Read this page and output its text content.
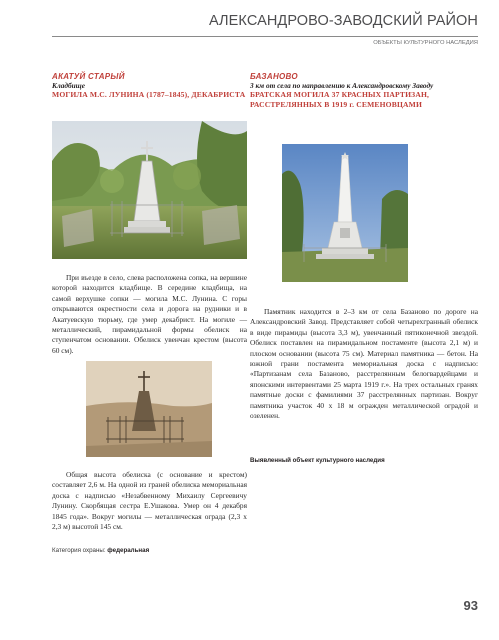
АЛЕКСАНДРОВО-ЗАВОДСКИЙ РАЙОН
ОБЪЕКТЫ КУЛЬТУРНОГО НАСЛЕДИЯ
АКАТУЙ СТАРЫЙ
Кладбище
МОГИЛА М.С. ЛУНИНА (1787–1845), ДЕКАБРИСТА
При въезде в село, слева расположена сопка, на вершине которой находится кладбище. В середине кладбища, на самой верхушке сопки — могила М.С. Лунина. С горы открываются окрестности села и дорога на рудники и в Акатуевскую тюрьму, где умер декабрист. На могиле — металлический, пирамидальной формы обелиск на ступенчатом основании. Обелиск увенчан крестом (высота 60 см).
Общая высота обелиска (с основание и крестом) составляет 2,6 м. На одной из граней обелиска мемориальная доска с надписью «Незабвенному Михаилу Сергеевичу Лунину. Скорбящая сестра Е.Ушакова. Умер он 4 декабря 1845 года». Вокруг могилы — металлическая ограда (2,3 х 2,3 м) высотой 145 см.
БАЗАНОВО
3 км от села по направлению к Александровскому Заводу
БРАТСКАЯ МОГИЛА 37 КРАСНЫХ ПАРТИЗАН, РАССТРЕЛЯННЫХ В 1919 г. СЕМЕНОВЦАМИ
Памятник находится в 2–3 км от села Базаново по дороге на Александровский Завод. Представляет собой четырехгранный обелиск в виде пирамиды (высота 3,3 м), увенчанный пятиконечной звездой. Обелиск поставлен на пирамидальном постаменте (высота 2,1 м) и плоском основании (высота 75 см). Материал памятника — бетон. На южной грани постамента мемориальная доска с надписью: «Партизанам села Базаново, расстрелянным белогвардейцами и японскими интервентами 25 марта 1919 г.». На трех остальных гранях памятные доски с фамилиями 37 расстрелянных партизан. Вокруг памятника участок 40 х 18 м огражден металлической оградой и озеленен.
Выявленный объект культурного наследия
Категория охраны: федеральная
93
